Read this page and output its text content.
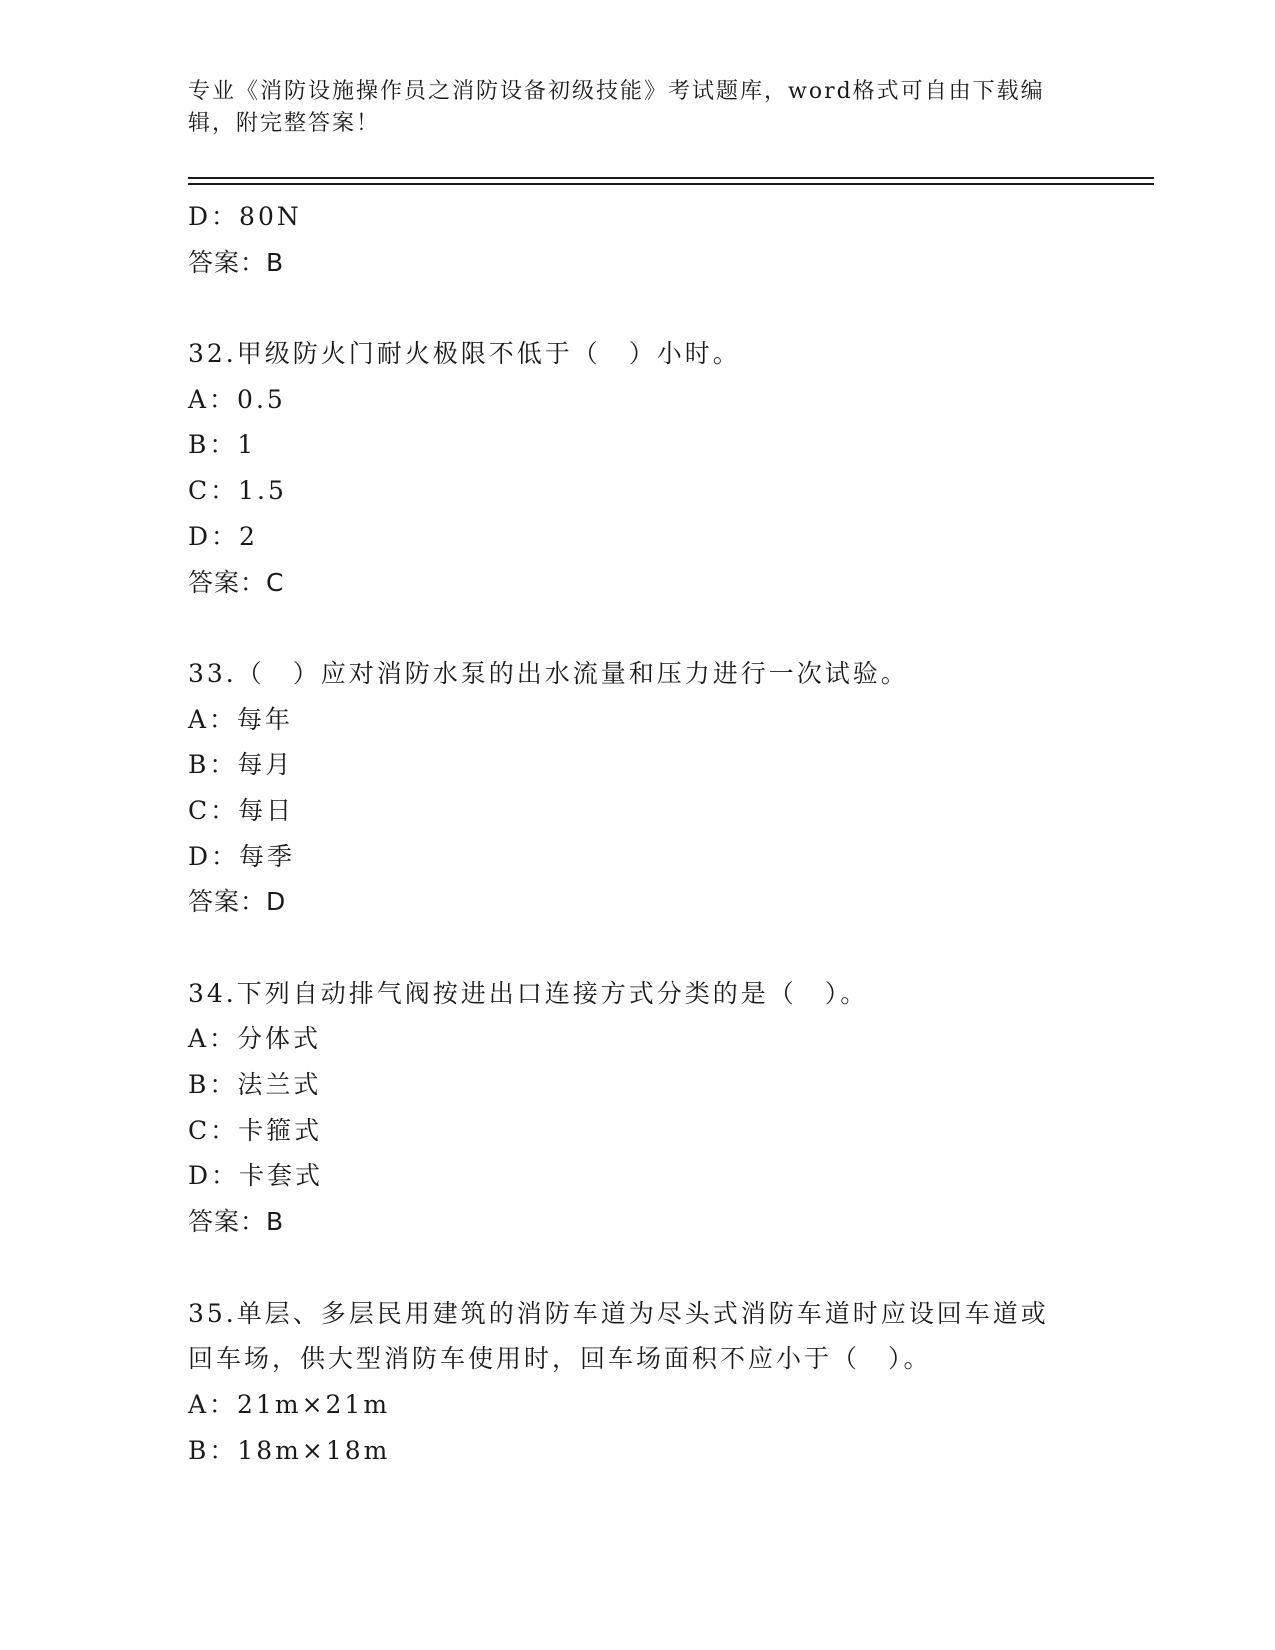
专业《消防设施操作员之消防设备初级技能》考试题库，word格式可自由下载编
辑，附完整答案！
D：80N
答案：B
32.甲级防火门耐火极限不低于（　）小时。
A：0.5
B：1
C：1.5
D：2
答案：C
33.（　）应对消防水泵的出水流量和压力进行一次试验。
A：每年
B：每月
C：每日
D：每季
答案：D
34.下列自动排气阀按进出口连接方式分类的是（　）。
A：分体式
B：法兰式
C：卡箍式
D：卡套式
答案：B
35.单层、多层民用建筑的消防车道为尽头式消防车道时应设回车道或
回车场，供大型消防车使用时，回车场面积不应小于（　）。
A：21m×21m
B：18m×18m
